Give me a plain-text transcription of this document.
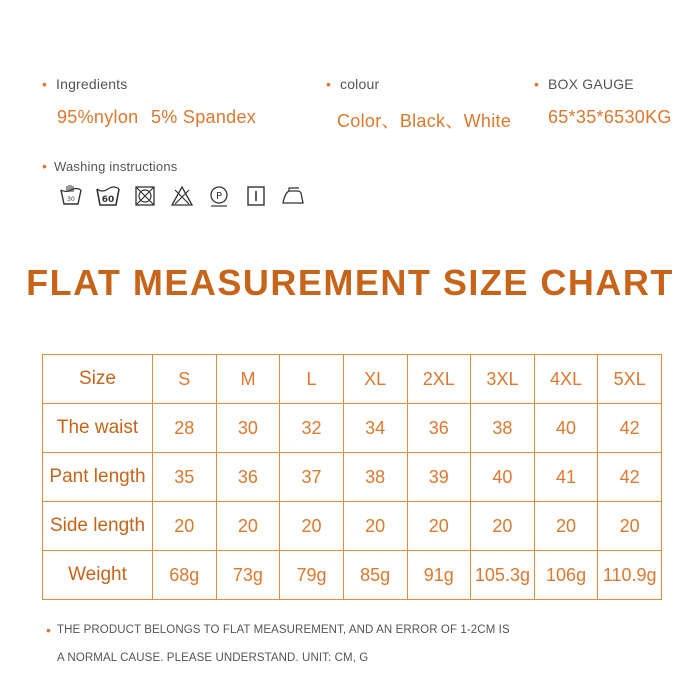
• Ingredients
95%nylon 5% Spandex
• colour
Color、Black、White
• BOX GAUGE
65*35*6530KG
• Washing instructions
30	60	P
FLAT MEASUREMENT SIZE CHART
Size	S	M	L	XL	2XL	3XL	4XL	5XL
The waist	28	30	32	34	36	38	40	42
Pant length	35	36	37	38	39	40	41	42
Side length	20	20	20	20	20	20	20	20
Weight	68g	73g	79g	85g	91g	105.3g	106g	110.9g
• THE PRODUCT BELONGS TO FLAT MEASUREMENT, AND AN ERROR OF 1-2CM IS
A NORMAL CAUSE. PLEASE UNDERSTAND. UNIT: CM, G
